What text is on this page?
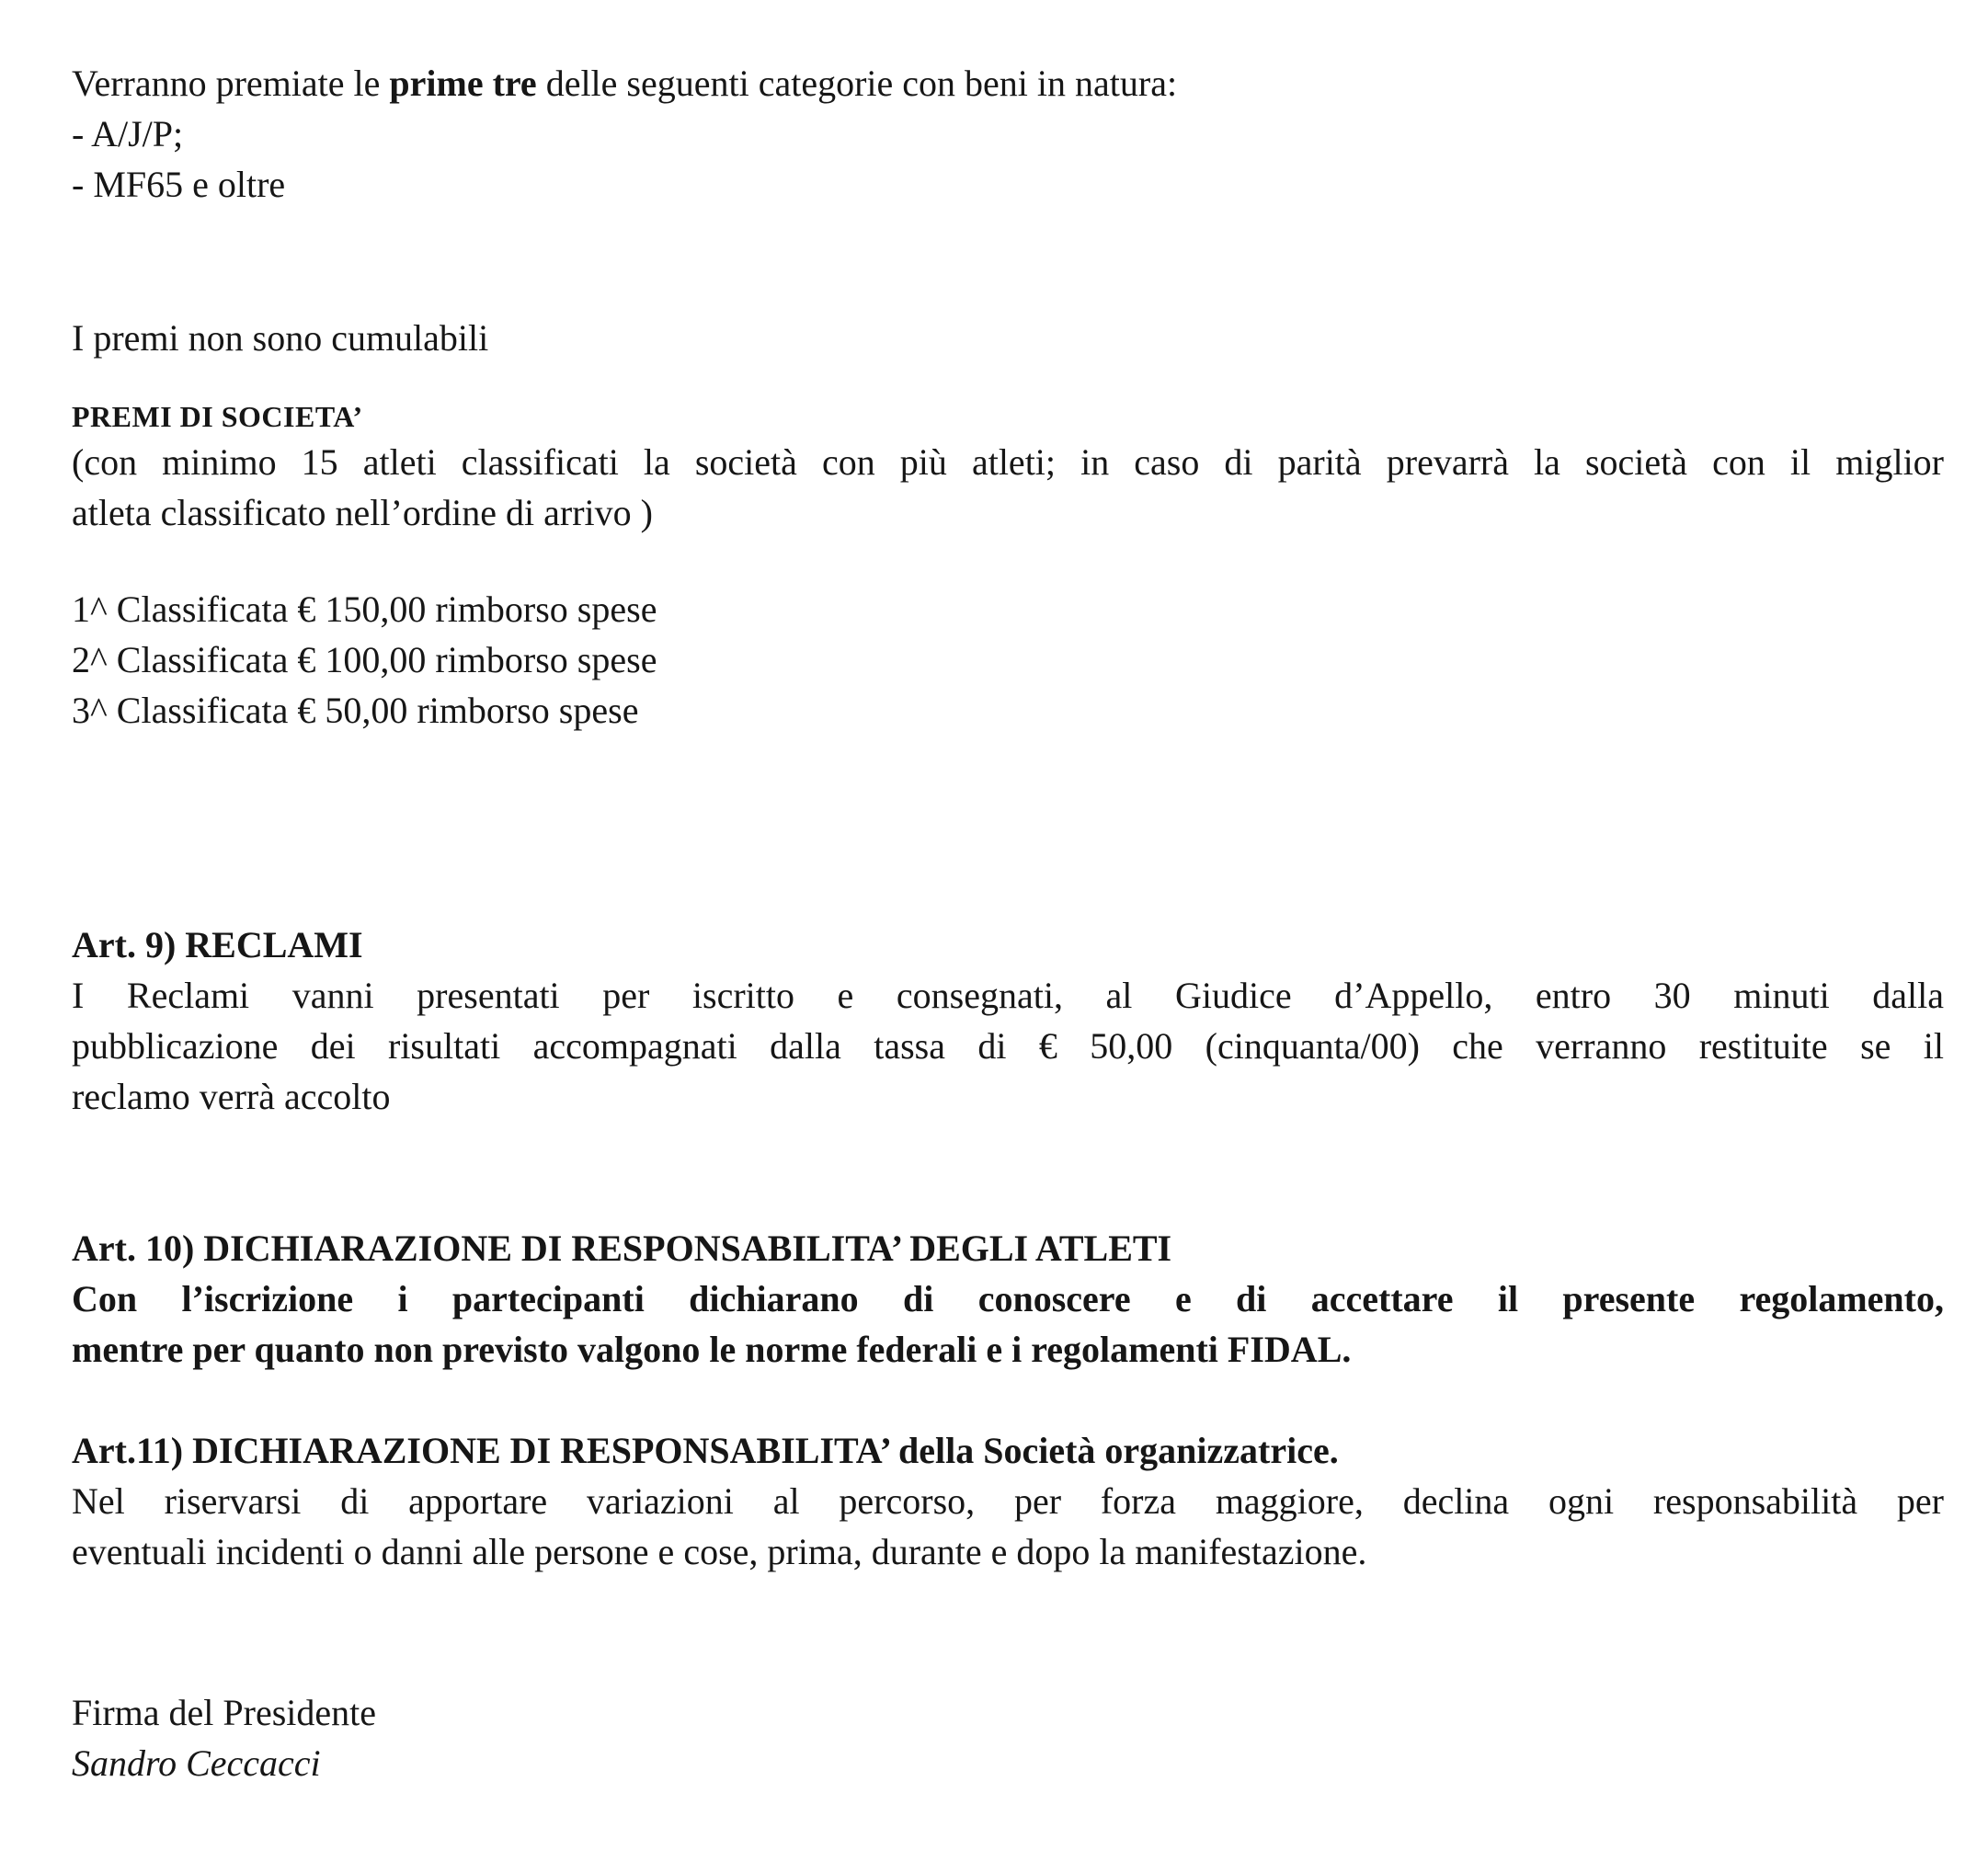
Verranno premiate le prime tre delle seguenti categorie con beni in natura:
- A/J/P;
- MF65 e oltre
I premi non sono cumulabili
PREMI DI SOCIETA’
(con minimo 15 atleti classificati la società con più atleti; in caso di parità prevarrà la società con il miglior
atleta classificato nell’ordine di arrivo )
1^ Classificata € 150,00 rimborso spese
2^ Classificata € 100,00 rimborso spese
3^ Classificata € 50,00 rimborso spese
Art. 9) RECLAMI
I Reclami vanni presentati per iscritto e consegnati, al Giudice d’Appello, entro 30 minuti dalla
pubblicazione dei risultati accompagnati dalla tassa di € 50,00 (cinquanta/00) che verranno restituite se il
reclamo verrà accolto
Art. 10) DICHIARAZIONE DI RESPONSABILITA’ DEGLI ATLETI
Con l’iscrizione i partecipanti dichiarano di conoscere e di accettare il presente regolamento,
mentre per quanto non previsto valgono le norme federali e i regolamenti FIDAL.
Art.11) DICHIARAZIONE DI RESPONSABILITA’ della Società organizzatrice.
Nel riservarsi di apportare variazioni al percorso, per forza maggiore, declina ogni responsabilità per
eventuali incidenti o danni alle persone e cose, prima, durante e dopo la manifestazione.
Firma del Presidente
Sandro Ceccacci
